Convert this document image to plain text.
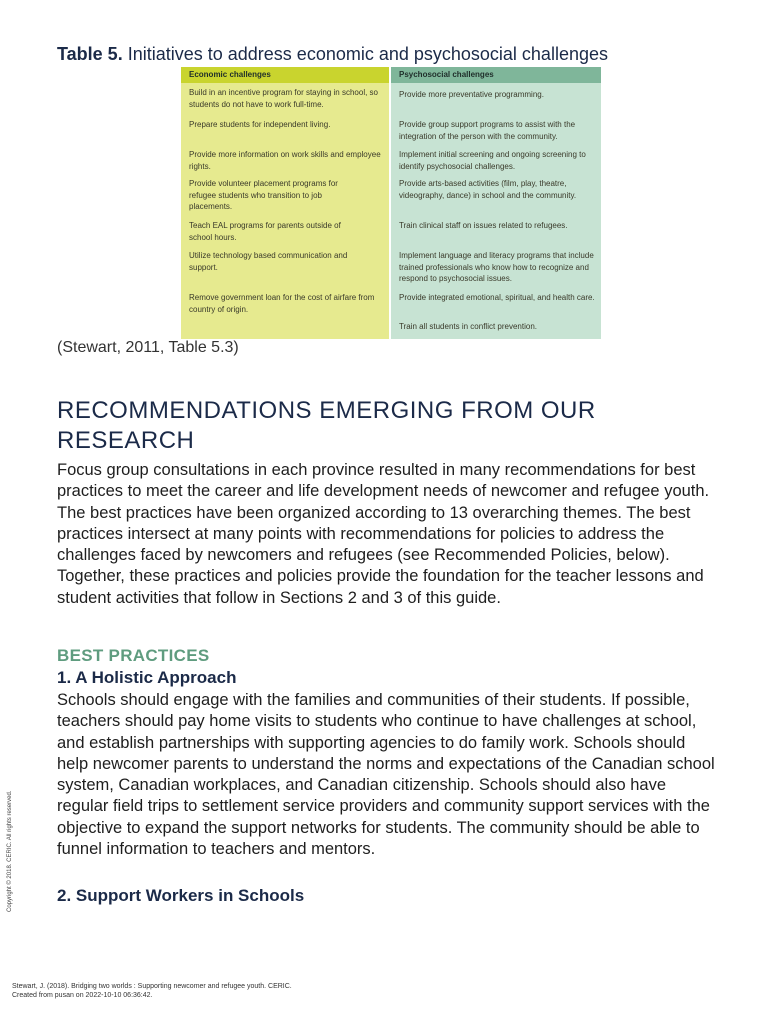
Table 5. Initiatives to address economic and psychosocial challenges
Economic challenges
Build in an incentive program for staying in school, so students do not have to work full-time.
Prepare students for independent living.
Provide more information on work skills and employee rights.
Provide volunteer placement programs for refugee students who transition to job placements.
Teach EAL programs for parents outside of school hours.
Utilize technology based communication and support.
Remove government loan for the cost of airfare from country of origin.
Psychosocial challenges
Provide more preventative programming.
Provide group support programs to assist with the integration of the person with the community.
Implement initial screening and ongoing screening to identify psychosocial challenges.
Provide arts-based activities (film, play, theatre, videography, dance) in school and the community.
Train clinical staff on issues related to refugees.
Implement language and literacy programs that include trained professionals who know how to recognize and respond to psychosocial issues.
Provide integrated emotional, spiritual, and health care.
Train all students in conflict prevention.

(Stewart, 2011, Table 5.3)

RECOMMENDATIONS EMERGING FROM OUR RESEARCH

Focus group consultations in each province resulted in many recommendations for best practices to meet the career and life development needs of newcomer and refugee youth. The best practices have been organized according to 13 overarching themes. The best practices intersect at many points with recommendations for policies to address the challenges faced by newcomers and refugees (see Recommended Policies, below). Together, these practices and policies provide the foundation for the teacher lessons and student activities that follow in Sections 2 and 3 of this guide.

BEST PRACTICES
1. A Holistic Approach

Schools should engage with the families and communities of their students. If possible, teachers should pay home visits to students who continue to have challenges at school, and establish partnerships with supporting agencies to do family work. Schools should help newcomer parents to understand the norms and expectations of the Canadian school system, Canadian workplaces, and Canadian citizenship. Schools should also have regular field trips to settlement service providers and community support services with the objective to expand the support networks for students. The community should be able to funnel information to teachers and mentors.

2. Support Workers in Schools
Copyright © 2018. CERIC. All rights reserved.

Stewart, J. (2018). Bridging two worlds : Supporting newcomer and refugee youth. CERIC.
Created from pusan on 2022-10-10 06:36:42.
